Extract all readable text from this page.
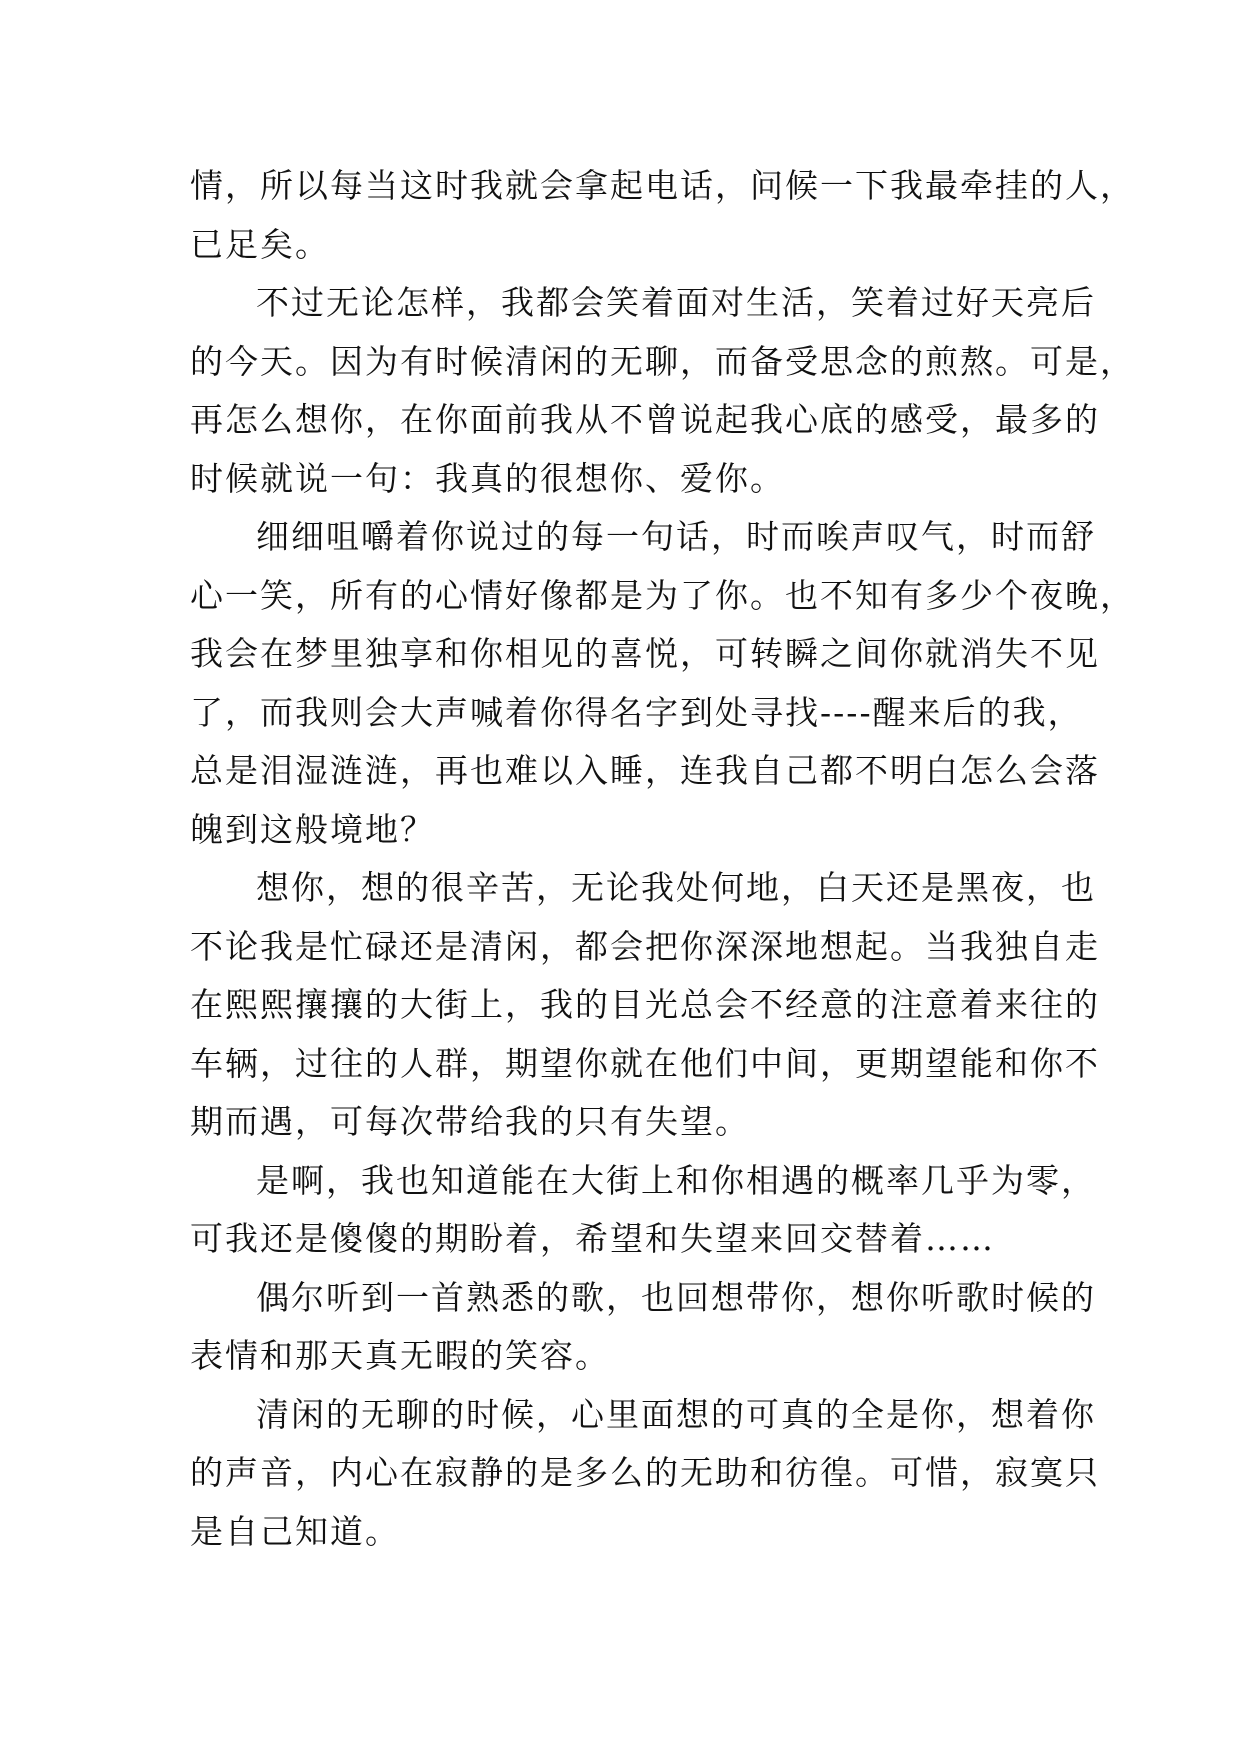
情，所以每当这时我就会拿起电话，问候一下我最牵挂的人，
已足矣。

不过无论怎样，我都会笑着面对生活，笑着过好天亮后
的今天。因为有时候清闲的无聊，而备受思念的煎熬。可是，
再怎么想你，在你面前我从不曾说起我心底的感受，最多的
时候就说一句：我真的很想你、爱你。

细细咀嚼着你说过的每一句话，时而唉声叹气，时而舒
心一笑，所有的心情好像都是为了你。也不知有多少个夜晚，
我会在梦里独享和你相见的喜悦，可转瞬之间你就消失不见
了，而我则会大声喊着你得名字到处寻找----醒来后的我，
总是泪湿涟涟，再也难以入睡，连我自己都不明白怎么会落
魄到这般境地？

想你，想的很辛苦，无论我处何地，白天还是黑夜，也
不论我是忙碌还是清闲，都会把你深深地想起。当我独自走
在熙熙攘攘的大街上，我的目光总会不经意的注意着来往的
车辆，过往的人群，期望你就在他们中间，更期望能和你不
期而遇，可每次带给我的只有失望。

是啊，我也知道能在大街上和你相遇的概率几乎为零，
可我还是傻傻的期盼着，希望和失望来回交替着……

偶尔听到一首熟悉的歌，也回想带你，想你听歌时候的
表情和那天真无暇的笑容。

清闲的无聊的时候，心里面想的可真的全是你，想着你
的声音，内心在寂静的是多么的无助和彷徨。可惜，寂寞只
是自己知道。
